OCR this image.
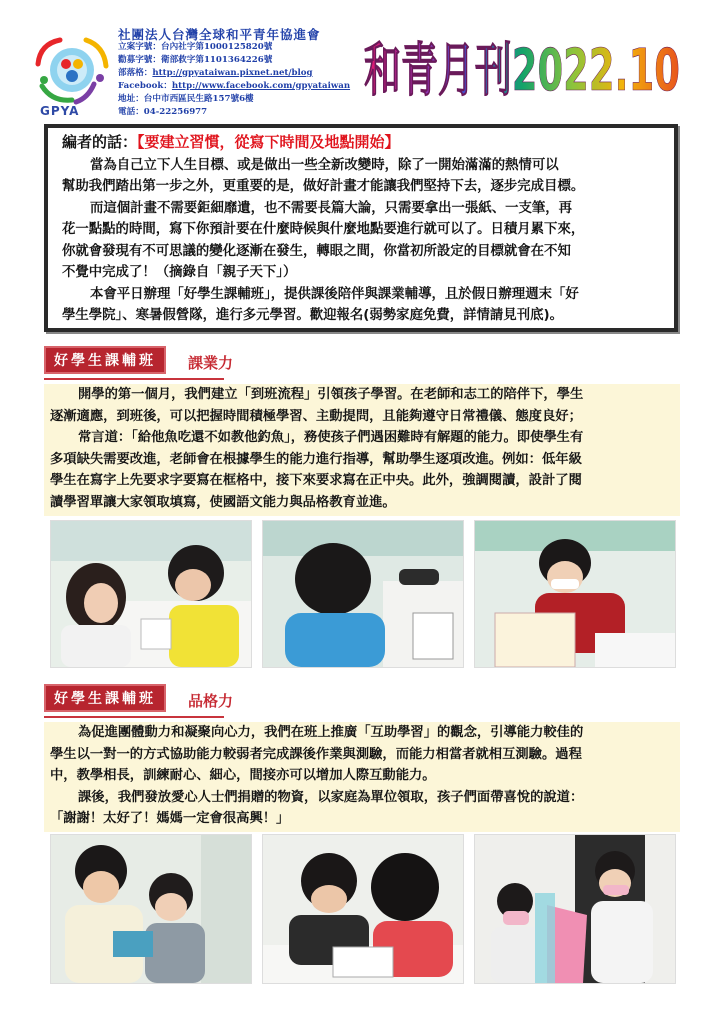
GPYA
社團法人台灣全球和平青年協進會
立案字號：台內社字第1000125820號
勸募字號：衛部救字第1101364226號
部落格：http://gpyataiwan.pixnet.net/blog
Facebook：http://www.facebook.com/gpyataiwan
地址：台中市西區民生路157號6樓
電話：04-22256977
和青月刊2022.10
編者的話：【要建立習慣，從寫下時間及地點開始】
當為自己立下人生目標、或是做出一些全新改變時，除了一開始滿滿的熱情可以
幫助我們踏出第一步之外，更重要的是，做好計畫才能讓我們堅持下去，逐步完成目標。
而這個計畫不需要鉅細靡遺，也不需要長篇大論，只需要拿出一張紙、一支筆，再
花一點點的時間，寫下你預計要在什麼時候與什麼地點要進行就可以了。日積月累下來，
你就會發現有不可思議的變化逐漸在發生，轉眼之間，你當初所設定的目標就會在不知
不覺中完成了！（摘錄自「親子天下」）
本會平日辦理「好學生課輔班」，提供課後陪伴與課業輔導，且於假日辦理週末「好
學生學院」、寒暑假營隊，進行多元學習。歡迎報名(弱勢家庭免費，詳情請見刊底)。
好學生課輔班	課業力
開學的第一個月，我們建立「到班流程」引領孩子學習。在老師和志工的陪伴下，學生
逐漸適應，到班後，可以把握時間積極學習、主動提問，且能夠遵守日常禮儀、態度良好；
常言道：「給他魚吃還不如教他釣魚」，務使孩子們遇困難時有解題的能力。即使學生有
多項缺失需要改進，老師會在根據學生的能力進行指導，幫助學生逐項改進。例如：低年級
學生在寫字上先要求字要寫在框格中，接下來要求寫在正中央。此外，強調閱讀，設計了閱
讀學習單讓大家領取填寫，使國語文能力與品格教育並進。
好學生課輔班	品格力
為促進團體動力和凝聚向心力，我們在班上推廣「互助學習」的觀念，引導能力較佳的
學生以一對一的方式協助能力較弱者完成課後作業與測驗，而能力相當者就相互測驗。過程
中，教學相長，訓練耐心、細心，間接亦可以增加人際互動能力。
課後，我們發放愛心人士們捐贈的物資，以家庭為單位領取，孩子們面帶喜悅的說道：
「謝謝！太好了！媽媽一定會很高興！」
